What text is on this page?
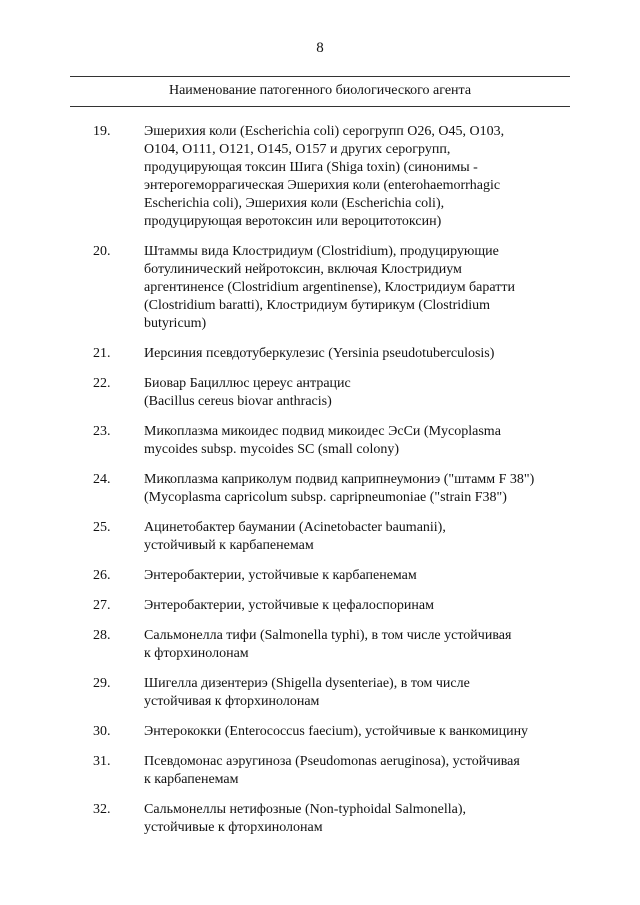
8
Наименование патогенного биологического агента
19. Эшерихия коли (Escherichia coli) серогрупп O26, O45, O103,
O104, O111, O121, O145, O157 и других серогрупп,
продуцирующая токсин Шига (Shiga toxin) (синонимы -
энтерогеморрагическая Эшерихия коли (enterohaemorrhagic
Escherichia coli), Эшерихия коли (Escherichia coli),
продуцирующая веротоксин или вероцитотоксин)
20. Штаммы вида Клостридиум (Clostridium), продуцирующие
ботулинический нейротоксин, включая Клостридиум
аргентиненсе (Clostridium argentinense), Клостридиум баратти
(Clostridium baratti), Клостридиум бутирикум (Clostridium
butyricum)
21. Иерсиния псевдотуберкулезис (Yersinia pseudotuberculosis)
22. Биовар Бациллюс цереус антрацис
(Bacillus cereus biovar anthracis)
23. Микоплазма микоидес подвид микоидес ЭсСи (Mycoplasma
mycoides subsp. mycoides SC (small colony)
24. Микоплазма каприколум подвид каприпнеумониэ ("штамм F 38")
(Mycoplasma capricolum subsp. capripneumoniae ("strain F38")
25. Ацинетобактер баумании (Acinetobacter baumanii),
устойчивый к карбапенемам
26. Энтеробактерии, устойчивые к карбапенемам
27. Энтеробактерии, устойчивые к цефалоспоринам
28. Сальмонелла тифи (Salmonella typhi), в том числе устойчивая
к фторхинолонам
29. Шигелла дизентериэ (Shigella dysenteriae), в том числе
устойчивая к фторхинолонам
30. Энтерококки (Enterococcus faecium), устойчивые к ванкомицину
31. Псевдомонас аэругиноза (Pseudomonas aeruginosa), устойчивая
к карбапенемам
32. Сальмонеллы нетифозные (Non-typhoidal Salmonella),
устойчивые к фторхинолонам
